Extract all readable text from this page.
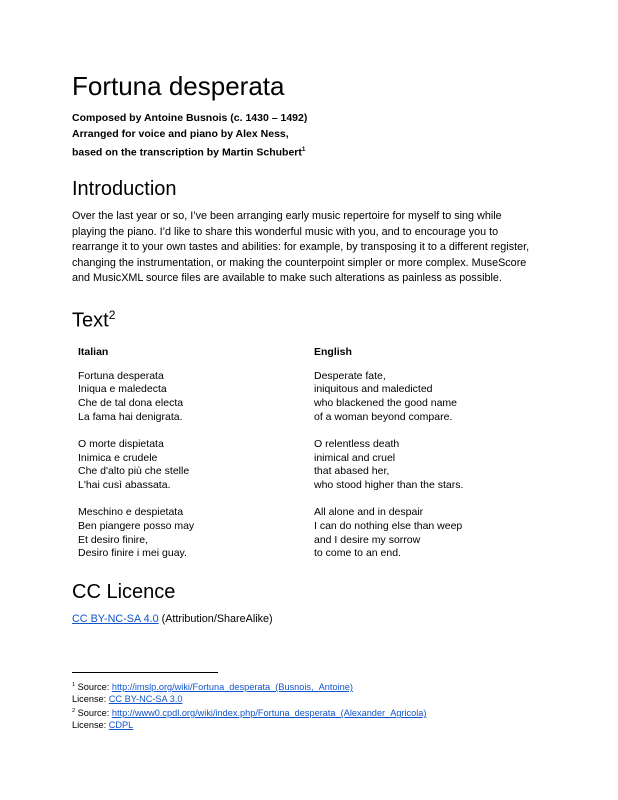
Fortuna desperata
Composed by Antoine Busnois (c. 1430 – 1492)
Arranged for voice and piano by Alex Ness,
based on the transcription by Martin Schubert$^1$
Introduction
Over the last year or so, I’ve been arranging early music repertoire for myself to sing while
playing the piano. I’d like to share this wonderful music with you, and to encourage you to
rearrange it to your own tastes and abilities: for example, by transposing it to a different register,
changing the instrumentation, or making the counterpoint simpler or more complex. MuseScore
and MusicXML source files are available to make such alterations as painless as possible.
Text$^2$
Italian
Fortuna desperata
Iniqua e maledecta
Che de tal dona electa
La fama hai denigrata.
O morte dispietata
Inimica e crudele
Che d'alto più che stelle
L'hai cusì abassata.
Meschino e despietata
Ben piangere posso may
Et desiro finire,
Desiro finire i mei guay.
English
Desperate fate,
iniquitous and maledicted
who blackened the good name
of a woman beyond compare.
O relentless death
inimical and cruel
that abased her,
who stood higher than the stars.
All alone and in despair
I can do nothing else than weep
and I desire my sorrow
to come to an end.
CC Licence
CC BY-NC-SA 4.0 (Attribution/ShareAlike)
$^1$ Source: http://imslp.org/wiki/Fortuna_desperata_(Busnois,_Antoine)
License: CC BY-NC-SA 3.0
$^2$ Source: http://www0.cpdl.org/wiki/index.php/Fortuna_desperata_(Alexander_Agricola)
License: CDPL
